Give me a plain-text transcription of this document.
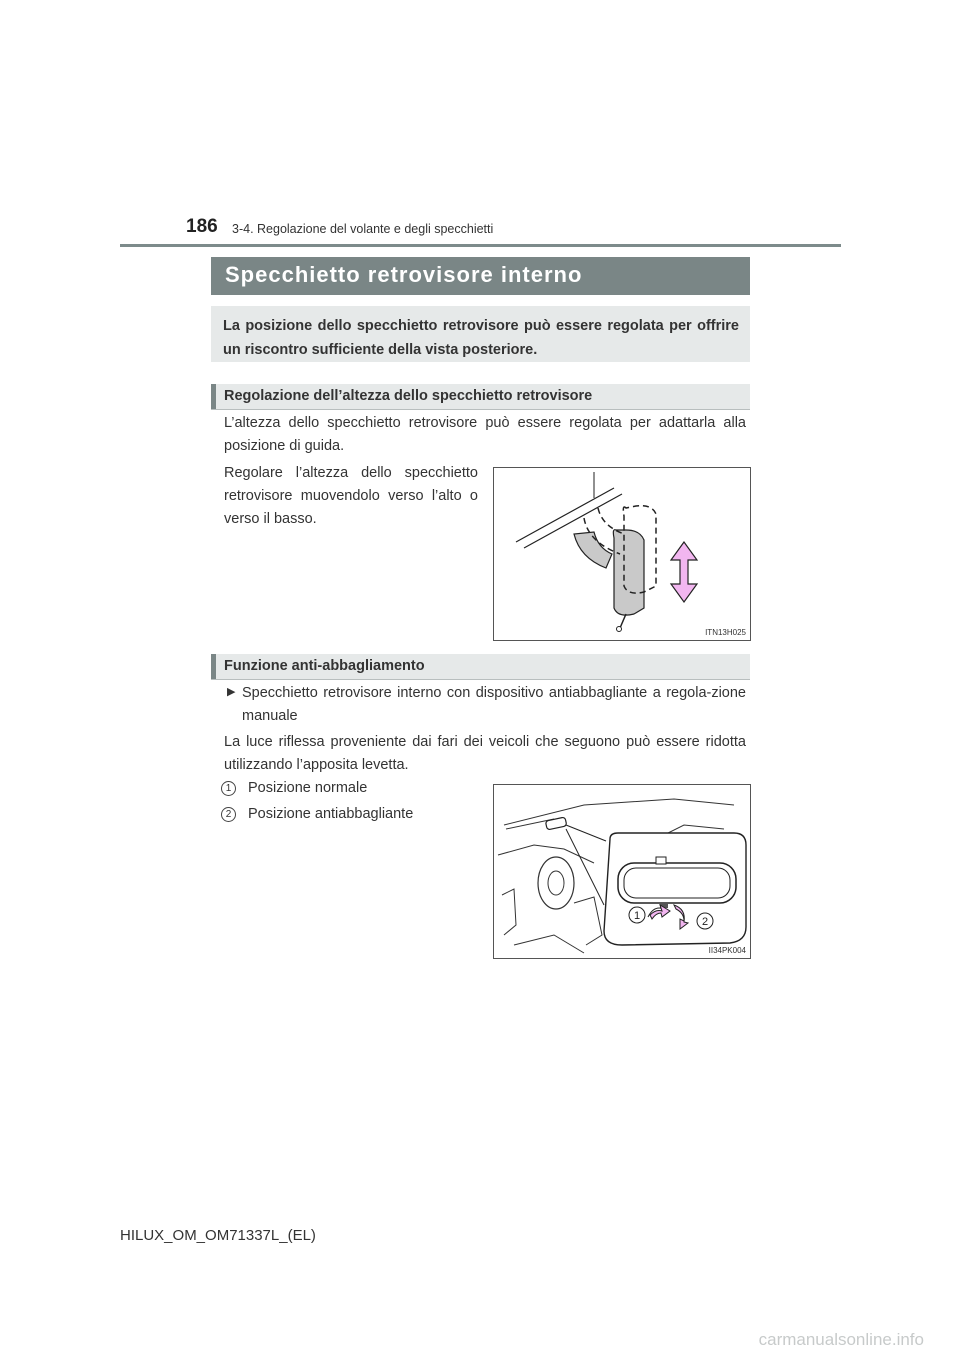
186 3-4. Regolazione del volante e degli specchietti
Specchietto retrovisore interno
La posizione dello specchietto retrovisore può essere regolata per offrire un riscontro sufficiente della vista posteriore.
Regolazione dell’altezza dello specchietto retrovisore
L’altezza dello specchietto retrovisore può essere regolata per adattarla alla posizione di guida.
Regolare l’altezza dello specchietto retrovisore muovendolo verso l’alto o verso il basso.
ITN13H025
Funzione anti-abbagliamento
▶ Specchietto retrovisore interno con dispositivo antiabbagliante a regola-zione manuale
La luce riflessa proveniente dai fari dei veicoli che seguono può essere ridotta utilizzando l’apposita levetta.
1 Posizione normale
2 Posizione antiabbagliante
1	2
II34PK004
HILUX_OM_OM71337L_(EL)
carmanualsonline.info
